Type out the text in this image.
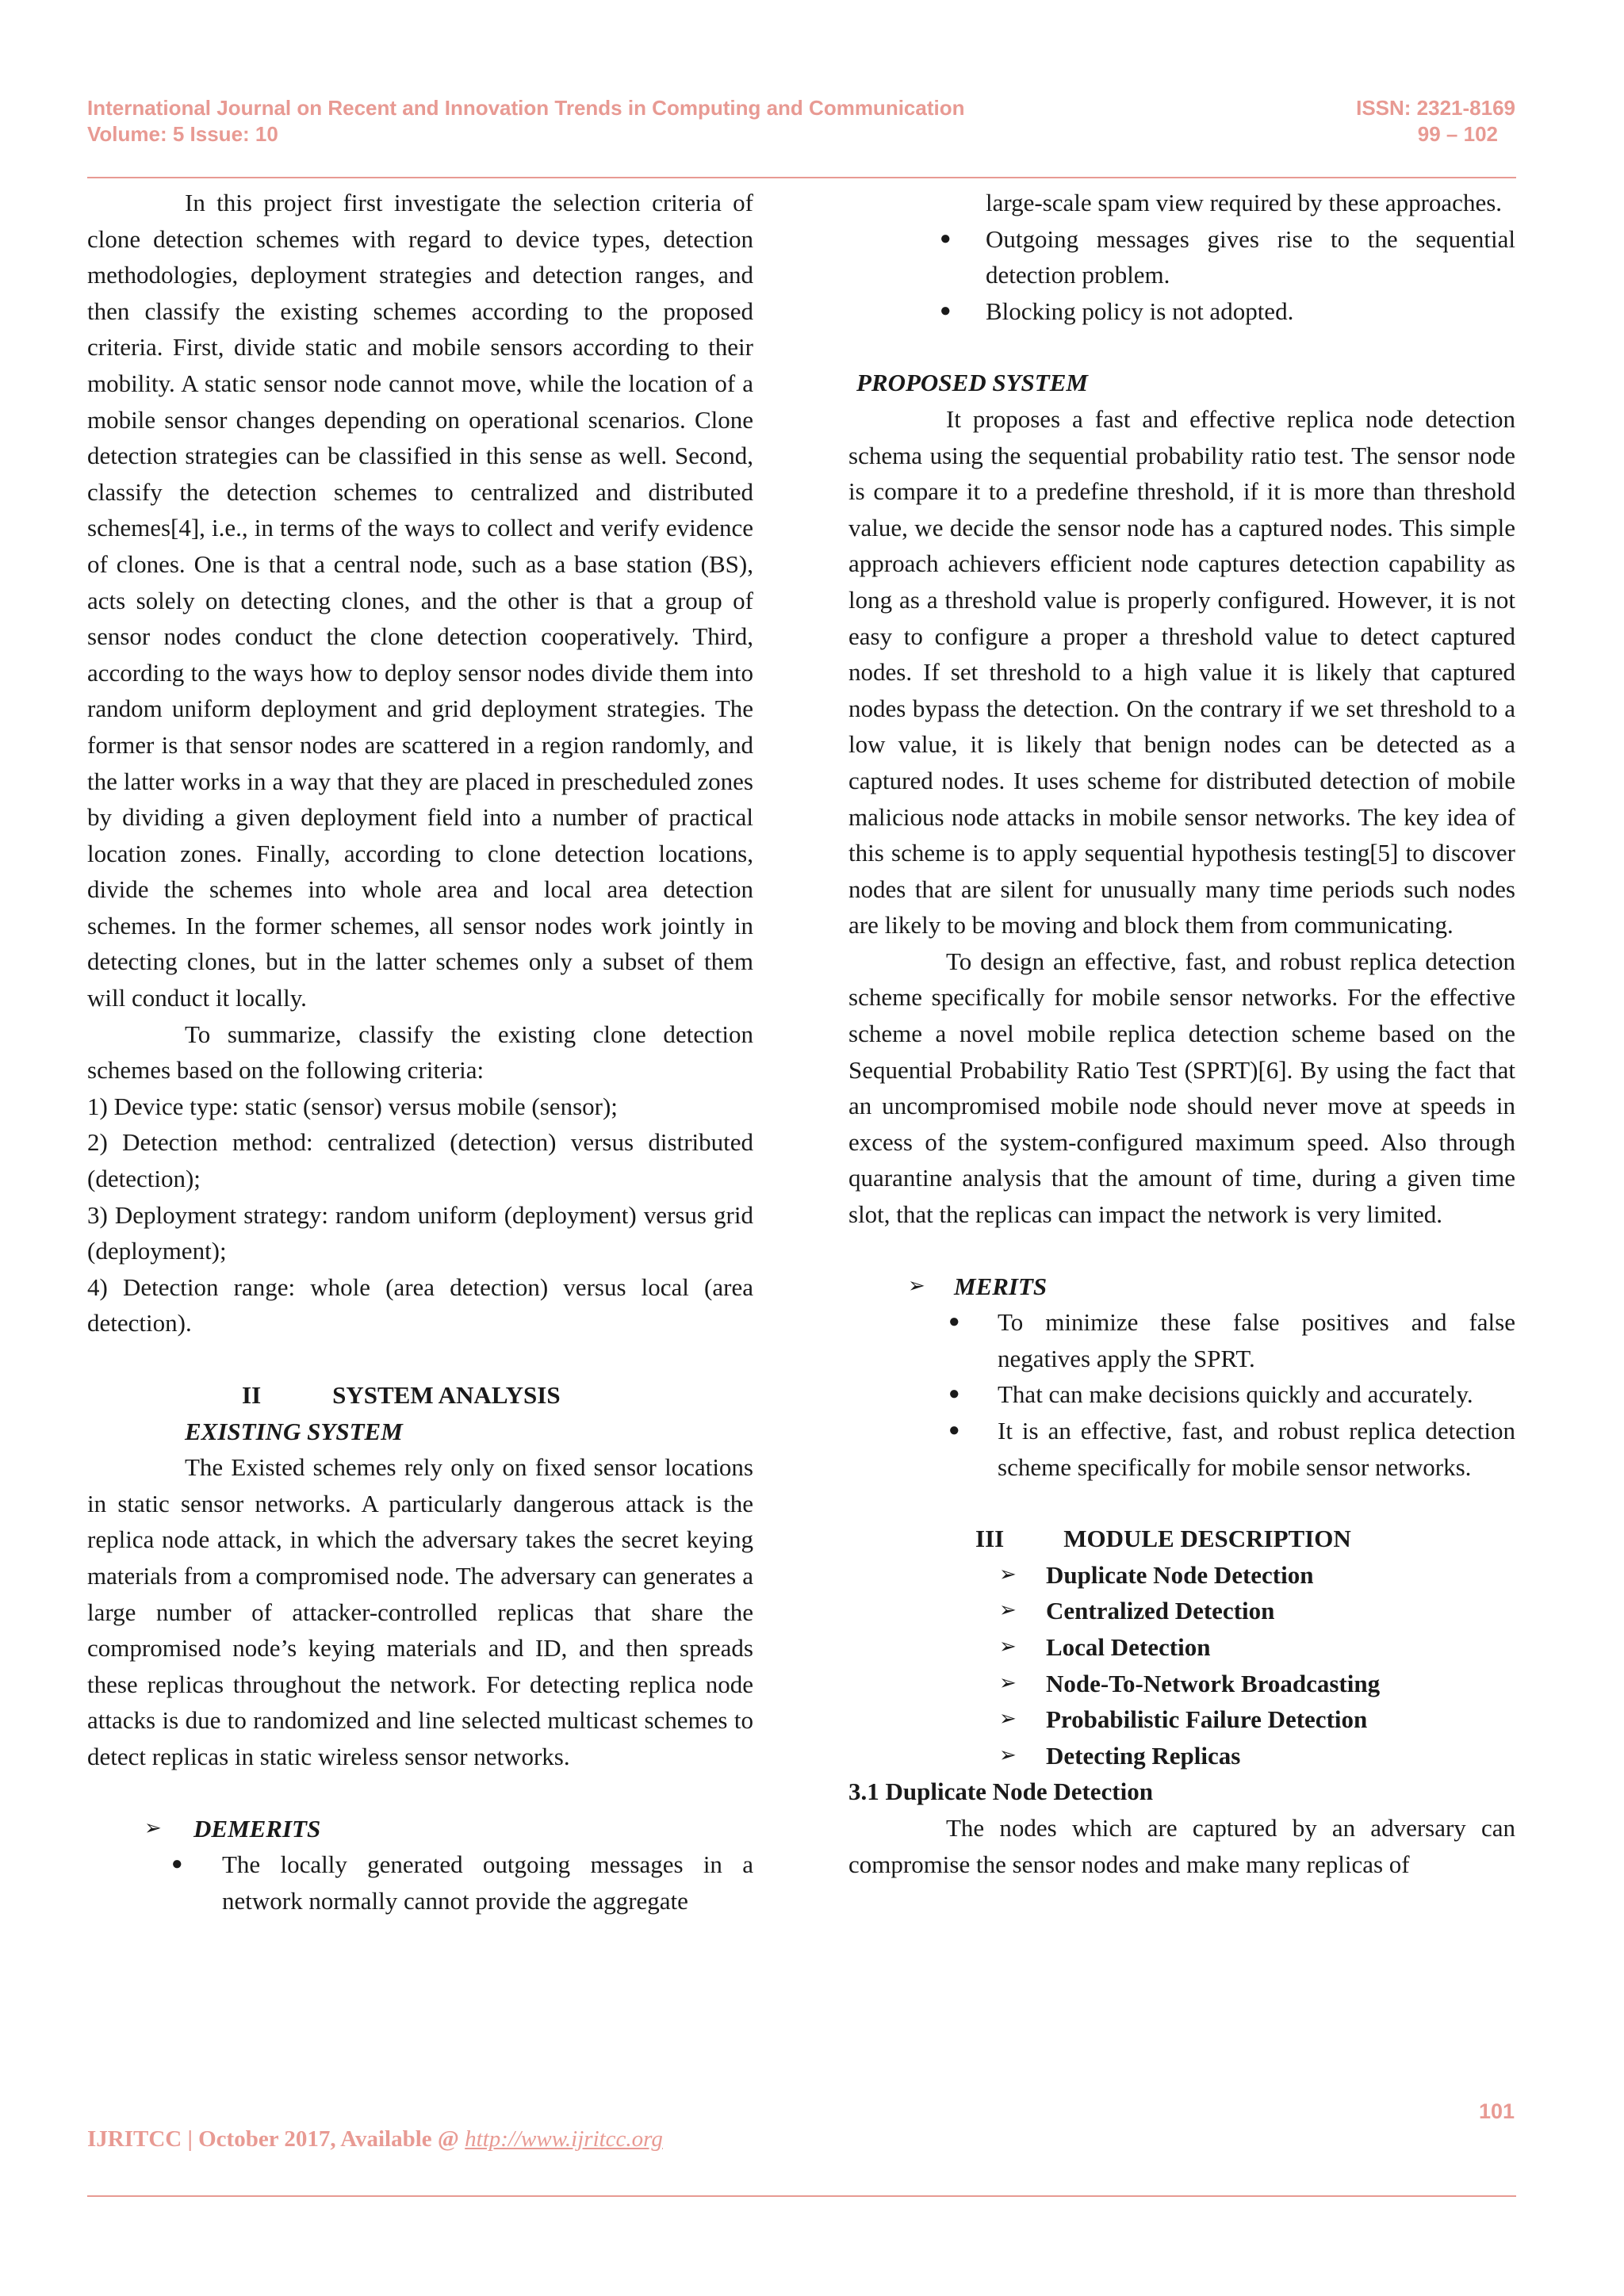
International Journal on Recent and Innovation Trends in Computing and Communication
Volume: 5 Issue: 10
ISSN: 2321-8169
99 – 102

In this project first investigate the selection criteria of clone detection schemes with regard to device types, detection methodologies, deployment strategies and detection ranges, and then classify the existing schemes according to the proposed criteria. First, divide static and mobile sensors according to their mobility. A static sensor node cannot move, while the location of a mobile sensor changes depending on operational scenarios. Clone detection strategies can be classified in this sense as well. Second, classify the detection schemes to centralized and distributed schemes[4], i.e., in terms of the ways to collect and verify evidence of clones. One is that a central node, such as a base station (BS), acts solely on detecting clones, and the other is that a group of sensor nodes conduct the clone detection cooperatively. Third, according to the ways how to deploy sensor nodes divide them into random uniform deployment and grid deployment strategies. The former is that sensor nodes are scattered in a region randomly, and the latter works in a way that they are placed in prescheduled zones by dividing a given deployment field into a number of practical location zones. Finally, according to clone detection locations, divide the schemes into whole area and local area detection schemes. In the former schemes, all sensor nodes work jointly in detecting clones, but in the latter schemes only a subset of them will conduct it locally.

To summarize, classify the existing clone detection schemes based on the following criteria:

1) Device type: static (sensor) versus mobile (sensor);

2) Detection method: centralized (detection) versus distributed (detection);

3) Deployment strategy: random uniform (deployment) versus grid (deployment);

4) Detection range: whole (area detection) versus local (area detection).

II	SYSTEM ANALYSIS

EXISTING SYSTEM

The Existed schemes rely only on fixed sensor locations in static sensor networks. A particularly dangerous attack is the replica node attack, in which the adversary takes the secret keying materials from a compromised node. The adversary can generates a large number of attacker-controlled replicas that share the compromised node’s keying materials and ID, and then spreads these replicas throughout the network. For detecting replica node attacks is due to randomized and line selected multicast schemes to detect replicas in static wireless sensor networks.

➢ DEMERITS

● The locally generated outgoing messages in a network normally cannot provide the aggregate

large-scale spam view required by these approaches.

● Outgoing messages gives rise to the sequential detection problem.

● Blocking policy is not adopted.

PROPOSED SYSTEM

It proposes a fast and effective replica node detection schema using the sequential probability ratio test. The sensor node is compare it to a predefine threshold, if it is more than threshold value, we decide the sensor node has a captured nodes. This simple approach achievers efficient node captures detection capability as long as a threshold value is properly configured. However, it is not easy to configure a proper a threshold value to detect captured nodes. If set threshold to a high value it is likely that captured nodes bypass the detection. On the contrary if we set threshold to a low value, it is likely that benign nodes can be detected as a captured nodes. It uses scheme for distributed detection of mobile malicious node attacks in mobile sensor networks. The key idea of this scheme is to apply sequential hypothesis testing[5] to discover nodes that are silent for unusually many time periods such nodes are likely to be moving and block them from communicating.

To design an effective, fast, and robust replica detection scheme specifically for mobile sensor networks. For the effective scheme a novel mobile replica detection scheme based on the Sequential Probability Ratio Test (SPRT)[6]. By using the fact that an uncompromised mobile node should never move at speeds in excess of the system-configured maximum speed. Also through quarantine analysis that the amount of time, during a given time slot, that the replicas can impact the network is very limited.

➢ MERITS

● To minimize these false positives and false negatives apply the SPRT.

● That can make decisions quickly and accurately.

● It is an effective, fast, and robust replica detection scheme specifically for mobile sensor networks.

III MODULE DESCRIPTION

➢ Duplicate Node Detection

➢ Centralized Detection

➢ Local Detection

➢ Node-To-Network Broadcasting

➢ Probabilistic Failure Detection

➢ Detecting Replicas

3.1 Duplicate Node Detection

The nodes which are captured by an adversary can compromise the sensor nodes and make many replicas of

101
IJRITCC | October 2017, Available @ http://www.ijritcc.org
